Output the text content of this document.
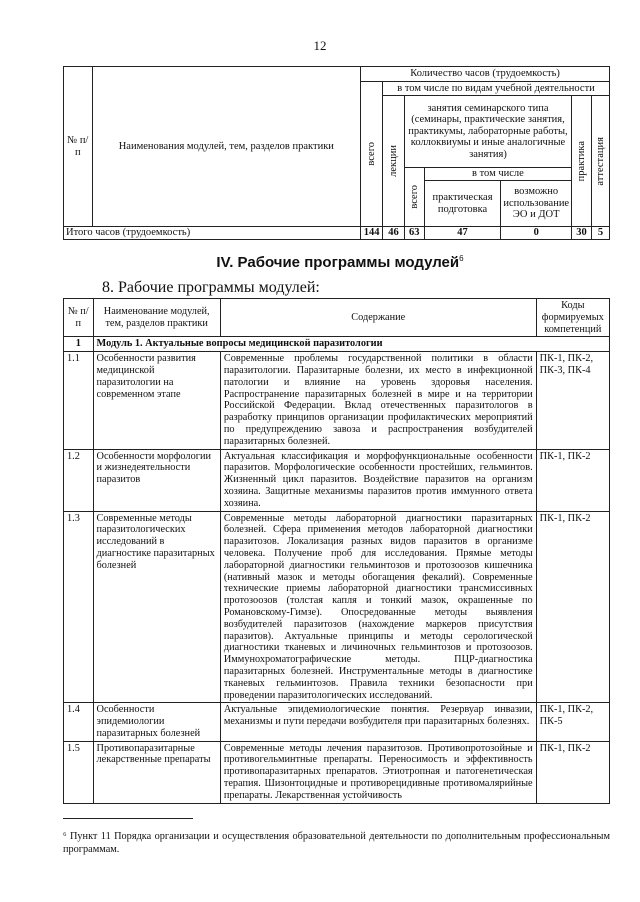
12
№ п/п	Наименования модулей, тем, разделов практики	Количество часов (трудоемкость)						

		всего	в том числе по видам учебной деятельности					

			лекции	занятия семинарского типа (семинары, практические занятия, практикумы, лабораторные работы, коллоквиумы и иные аналогичные занятия)			практика	аттестация

				всего	в том числе			
					практическая подготовка	возможно использование ЭО и ДОТ		
Итого часов (трудоемкость)		144	46	63	47	0	30	5
IV. Рабочие программы модулей$^6$
8. Рабочие программы модулей:
№ п/п	Наименование модулей, тем, разделов практики	Содержание	Коды формируемых компетенций
1	Модуль 1. Актуальные вопросы медицинской паразитологии		
1.1	Особенности развития медицинской паразитологии на современном этапе	Современные проблемы государственной политики в области паразитологии. Паразитарные болезни, их место в инфекционной патологии и влияние на уровень здоровья населения. Распространение паразитарных болезней в мире и на территории Российской Федерации. Вклад отечественных паразитологов в разработку принципов организации профилактических мероприятий по предупреждению завоза и распространения возбудителей паразитарных болезней.	ПК-1, ПК-2, ПК-3, ПК-4
1.2	Особенности морфологии и жизнедеятельности паразитов	Актуальная классификация и морфофункциональные особенности паразитов. Морфологические особенности простейших, гельминтов. Жизненный цикл паразитов. Воздействие паразитов на организм хозяина. Защитные механизмы паразитов против иммунного ответа хозяина.	ПК-1, ПК-2
1.3	Современные методы паразитологических исследований в диагностике паразитарных болезней	Современные методы лабораторной диагностики паразитарных болезней. Сфера применения методов лабораторной диагностики паразитозов. Локализация разных видов паразитов в организме человека. Получение проб для исследования. Прямые методы лабораторной диагностики гельминтозов и протозоозов кишечника (нативный мазок и методы обогащения фекалий). Современные технические приемы лабораторной диагностики трансмиссивных протозоозов (толстая капля и тонкий мазок, окрашенные по Романовскому-Гимзе). Опосредованные методы выявления возбудителей паразитозов (нахождение маркеров присутствия паразитов). Актуальные принципы и методы серологической диагностики тканевых и личиночных гельминтозов и протозоозов. Иммунохроматографические методы. ПЦР-диагностика паразитарных болезней. Инструментальные методы в диагностике тканевых гельминтозов. Правила техники безопасности при проведении паразитологических исследований.	ПК-1, ПК-2
1.4	Особенности эпидемиологии паразитарных болезней	Актуальные эпидемиологические понятия. Резервуар инвазии, механизмы и пути передачи возбудителя при паразитарных болезнях.	ПК-1, ПК-2, ПК-5
1.5	Противопаразитарные лекарственные препараты	Современные методы лечения паразитозов. Противопротозойные и противогельминтные препараты. Переносимость и эффективность противопаразитарных препаратов. Этиотропная и патогенетическая терапия. Шизонтоцидные и противорецидивные противомалярийные препараты. Лекарственная устойчивость	ПК-1, ПК-2
⁶ Пункт 11 Порядка организации и осуществления образовательной деятельности по дополнительным профессиональным программам.
